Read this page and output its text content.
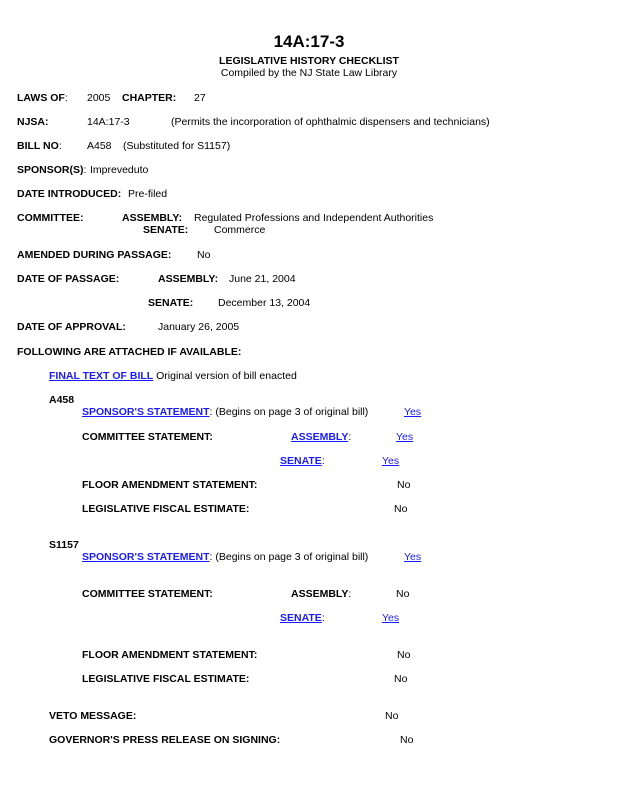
14A:17-3
LEGISLATIVE HISTORY CHECKLIST
Compiled by the NJ State Law Library
LAWS OF: 2005 CHAPTER: 27
NJSA:	14A:17-3	(Permits the incorporation of ophthalmic dispensers and technicians)
BILL NO: A458 (Substituted for S1157)
SPONSOR(S): Impreveduto
DATE INTRODUCED: Pre-filed
COMMITTEE:	ASSEMBLY: Regulated Professions and Independent Authorities
SENATE: Commerce
AMENDED DURING PASSAGE: No
DATE OF PASSAGE:	ASSEMBLY: June 21, 2004
SENATE: December 13, 2004
DATE OF APPROVAL:	January 26, 2005
FOLLOWING ARE ATTACHED IF AVAILABLE:
FINAL TEXT OF BILL Original version of bill enacted
A458
SPONSOR'S STATEMENT: (Begins on page 3 of original bill)	Yes
COMMITTEE STATEMENT:	ASSEMBLY:	Yes
SENATE:	Yes
FLOOR AMENDMENT STATEMENT:	No
LEGISLATIVE FISCAL ESTIMATE:	No
S1157
SPONSOR'S STATEMENT: (Begins on page 3 of original bill)	Yes
COMMITTEE STATEMENT:	ASSEMBLY:	No
SENATE:	Yes
FLOOR AMENDMENT STATEMENT:	No
LEGISLATIVE FISCAL ESTIMATE:	No
VETO MESSAGE:	No
GOVERNOR'S PRESS RELEASE ON SIGNING:	No
